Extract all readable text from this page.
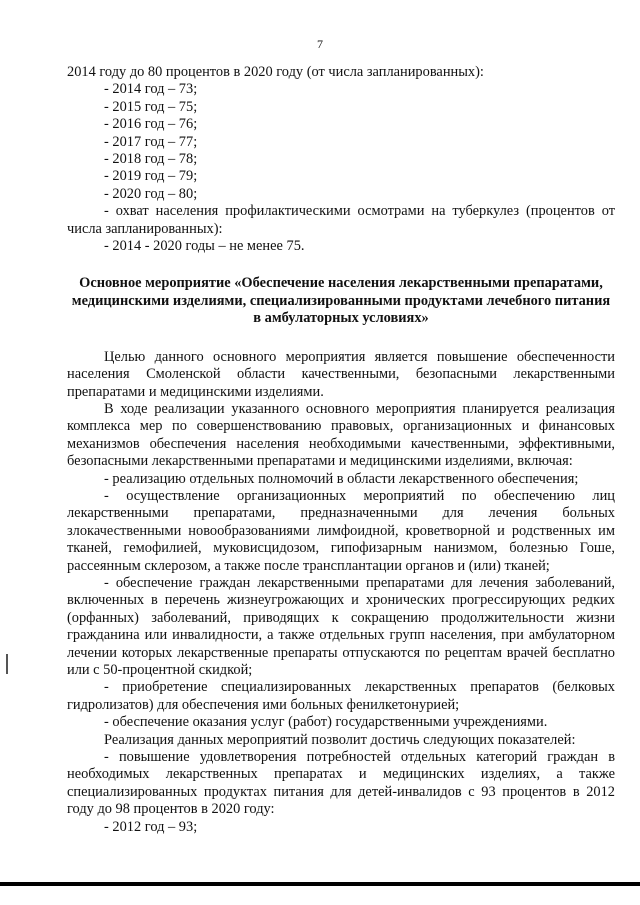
7

2014 году до 80 процентов в 2020 году (от числа запланированных):

- 2014 год – 73;

- 2015 год – 75;

- 2016 год – 76;

- 2017 год – 77;

- 2018 год – 78;

- 2019 год – 79;

- 2020 год – 80;

- охват населения профилактическими осмотрами на туберкулез (процентов от числа запланированных):

- 2014 - 2020 годы – не менее 75.

Основное мероприятие «Обеспечение населения лекарственными препаратами, медицинскими изделиями, специализированными продуктами лечебного питания в амбулаторных условиях»

Целью данного основного мероприятия является повышение обеспеченности населения Смоленской области качественными, безопасными лекарственными препаратами и медицинскими изделиями.

В ходе реализации указанного основного мероприятия планируется реализация комплекса мер по совершенствованию правовых, организационных и финансовых механизмов обеспечения населения необходимыми качественными, эффективными, безопасными лекарственными препаратами и медицинскими изделиями, включая:

- реализацию отдельных полномочий в области лекарственного обеспечения;

- осуществление организационных мероприятий по обеспечению лиц лекарственными препаратами, предназначенными для лечения больных злокачественными новообразованиями лимфоидной, кроветворной и родственных им тканей, гемофилией, муковисцидозом, гипофизарным нанизмом, болезнью Гоше, рассеянным склерозом, а также после трансплантации органов и (или) тканей;

- обеспечение граждан лекарственными препаратами для лечения заболеваний, включенных в перечень жизнеугрожающих и хронических прогрессирующих редких (орфанных) заболеваний, приводящих к сокращению продолжительности жизни гражданина или инвалидности, а также отдельных групп населения, при амбулаторном лечении которых лекарственные препараты отпускаются по рецептам врачей бесплатно или с 50-процентной скидкой;

- приобретение специализированных лекарственных препаратов (белковых гидролизатов) для обеспечения ими больных фенилкетонурией;

- обеспечение оказания услуг (работ) государственными учреждениями.

Реализация данных мероприятий позволит достичь следующих показателей:

- повышение удовлетворения потребностей отдельных категорий граждан в необходимых лекарственных препаратах и медицинских изделиях, а также специализированных продуктах питания для детей-инвалидов с 93 процентов в 2012 году до 98 процентов в 2020 году:

- 2012 год – 93;
